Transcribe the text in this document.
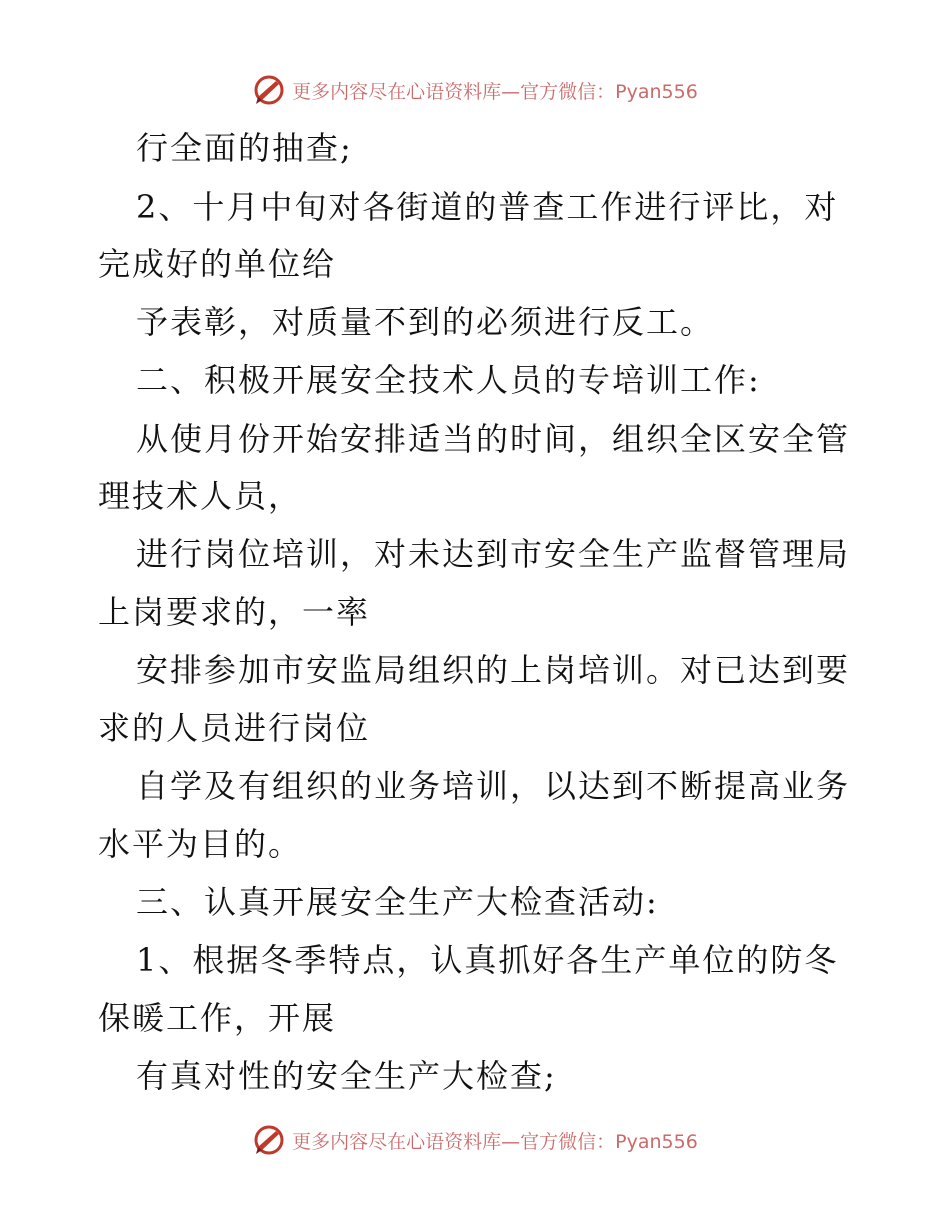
更多内容尽在心语资料库—官方微信：Pyan556
行全面的抽查;
2、十月中旬对各街道的普查工作进行评比，对
完成好的单位给
予表彰，对质量不到的必须进行反工。
二、积极开展安全技术人员的专培训工作:
从使月份开始安排适当的时间，组织全区安全管
理技术人员，
进行岗位培训，对未达到市安全生产监督管理局
上岗要求的，一率
安排参加市安监局组织的上岗培训。对已达到要
求的人员进行岗位
自学及有组织的业务培训，以达到不断提高业务
水平为目的。
三、认真开展安全生产大检查活动:
1、根据冬季特点，认真抓好各生产单位的防冬
保暖工作，开展
有真对性的安全生产大检查;
更多内容尽在心语资料库—官方微信：Pyan556
